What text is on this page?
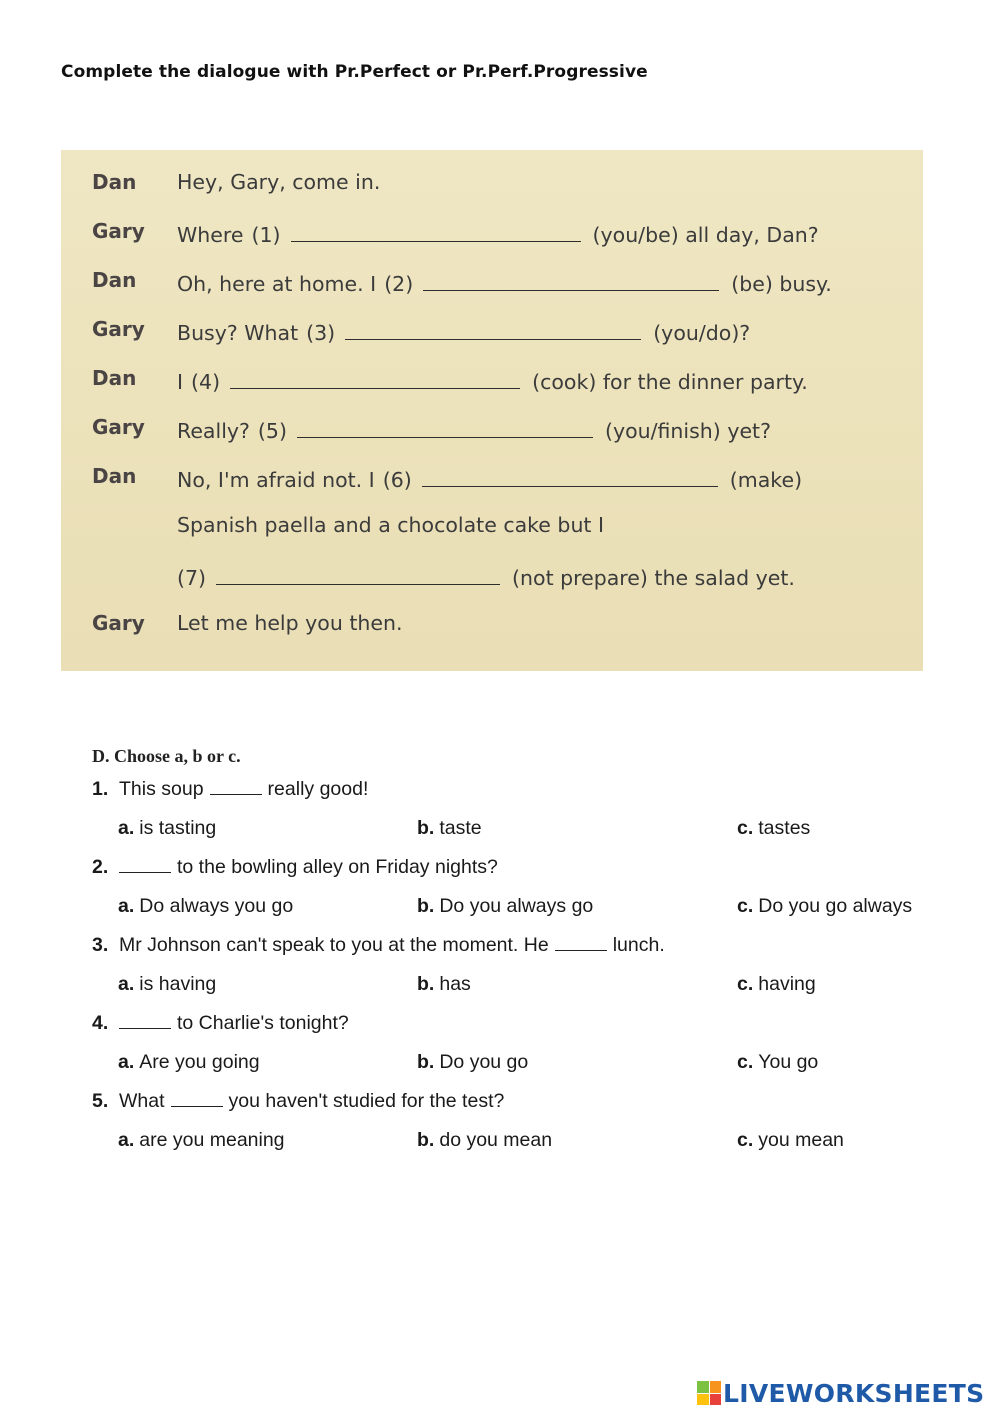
Complete the dialogue with Pr.Perfect or Pr.Perf.Progressive
Dan	Hey, Gary, come in.
Gary	Where (1)	(you/be) all day, Dan?
Dan	Oh, here at home. I (2)	(be) busy.
Gary	Busy? What (3)	(you/do)?
Dan	I (4)	(cook) for the dinner party.
Gary	Really? (5)	(you/finish) yet?
Dan	No, I'm afraid not. I (6)	(make)
Spanish paella and a chocolate cake but I
(7)	(not prepare) the salad yet.
Gary	Let me help you then.
D. Choose a, b or c.
1. This soup	really good!
a. is tasting	b. taste	c. tastes
2.	to the bowling alley on Friday nights?
a. Do always you go	b. Do you always go	c. Do you go always
3. Mr Johnson can't speak to you at the moment. He	lunch.
a. is having	b. has	c. having
4.	to Charlie's tonight?
a. Are you going	b. Do you go	c. You go
5. What	you haven't studied for the test?
a. are you meaning	b. do you mean	c. you mean
LIVEWORKSHEETS
